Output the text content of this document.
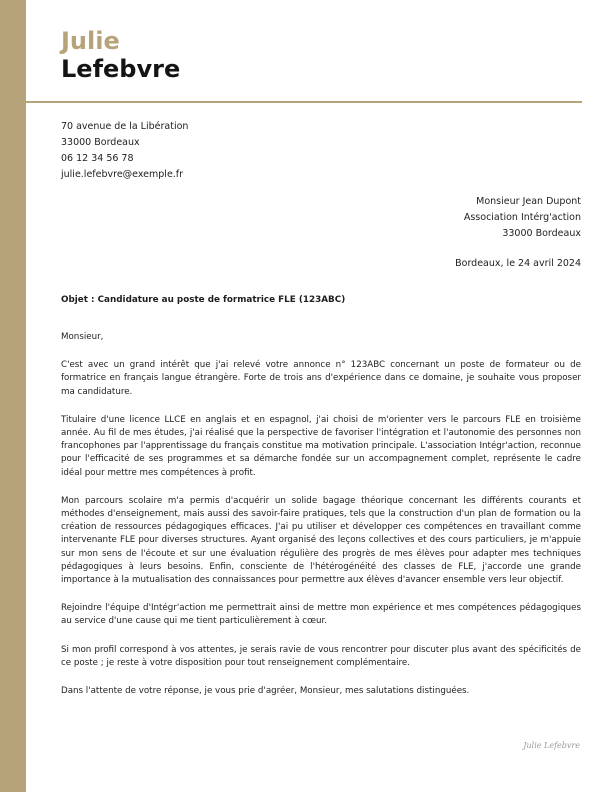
Julie
Lefebvre
70 avenue de la Libération
33000 Bordeaux
06 12 34 56 78
julie.lefebvre@exemple.fr
Monsieur Jean Dupont
Association Intérg'action
33000 Bordeaux
Bordeaux, le 24 avril 2024
Objet : Candidature au poste de formatrice FLE (123ABC)

Monsieur,

C'est avec un grand intérêt que j'ai relevé votre annonce n° 123ABC concernant un poste de formateur ou de formatrice en français langue étrangère. Forte de trois ans d'expérience dans ce domaine, je souhaite vous proposer ma candidature.

Titulaire d'une licence LLCE en anglais et en espagnol, j'ai choisi de m'orienter vers le parcours FLE en troisième année. Au fil de mes études, j'ai réalisé que la perspective de favoriser l'intégration et l'autonomie des personnes non francophones par l'apprentissage du français constitue ma motivation principale. L'association Intégr'action, reconnue pour l'efficacité de ses programmes et sa démarche fondée sur un accompagnement complet, représente le cadre idéal pour mettre mes compétences à profit.

Mon parcours scolaire m'a permis d'acquérir un solide bagage théorique concernant les différents courants et méthodes d'enseignement, mais aussi des savoir-faire pratiques, tels que la construction d'un plan de formation ou la création de ressources pédagogiques efficaces. J'ai pu utiliser et développer ces compétences en travaillant comme intervenante FLE pour diverses structures. Ayant organisé des leçons collectives et des cours particuliers, je m'appuie sur mon sens de l'écoute et sur une évaluation régulière des progrès de mes élèves pour adapter mes techniques pédagogiques à leurs besoins. Enfin, consciente de l'hétérogénéité des classes de FLE, j'accorde une grande importance à la mutualisation des connaissances pour permettre aux élèves d'avancer ensemble vers leur objectif.

Rejoindre l'équipe d'Intégr'action me permettrait ainsi de mettre mon expérience et mes compétences pédagogiques au service d'une cause qui me tient particulièrement à cœur.

Si mon profil correspond à vos attentes, je serais ravie de vous rencontrer pour discuter plus avant des spécificités de ce poste ; je reste à votre disposition pour tout renseignement complémentaire.

Dans l'attente de votre réponse, je vous prie d'agréer, Monsieur, mes salutations distinguées.

Julie Lefebvre
